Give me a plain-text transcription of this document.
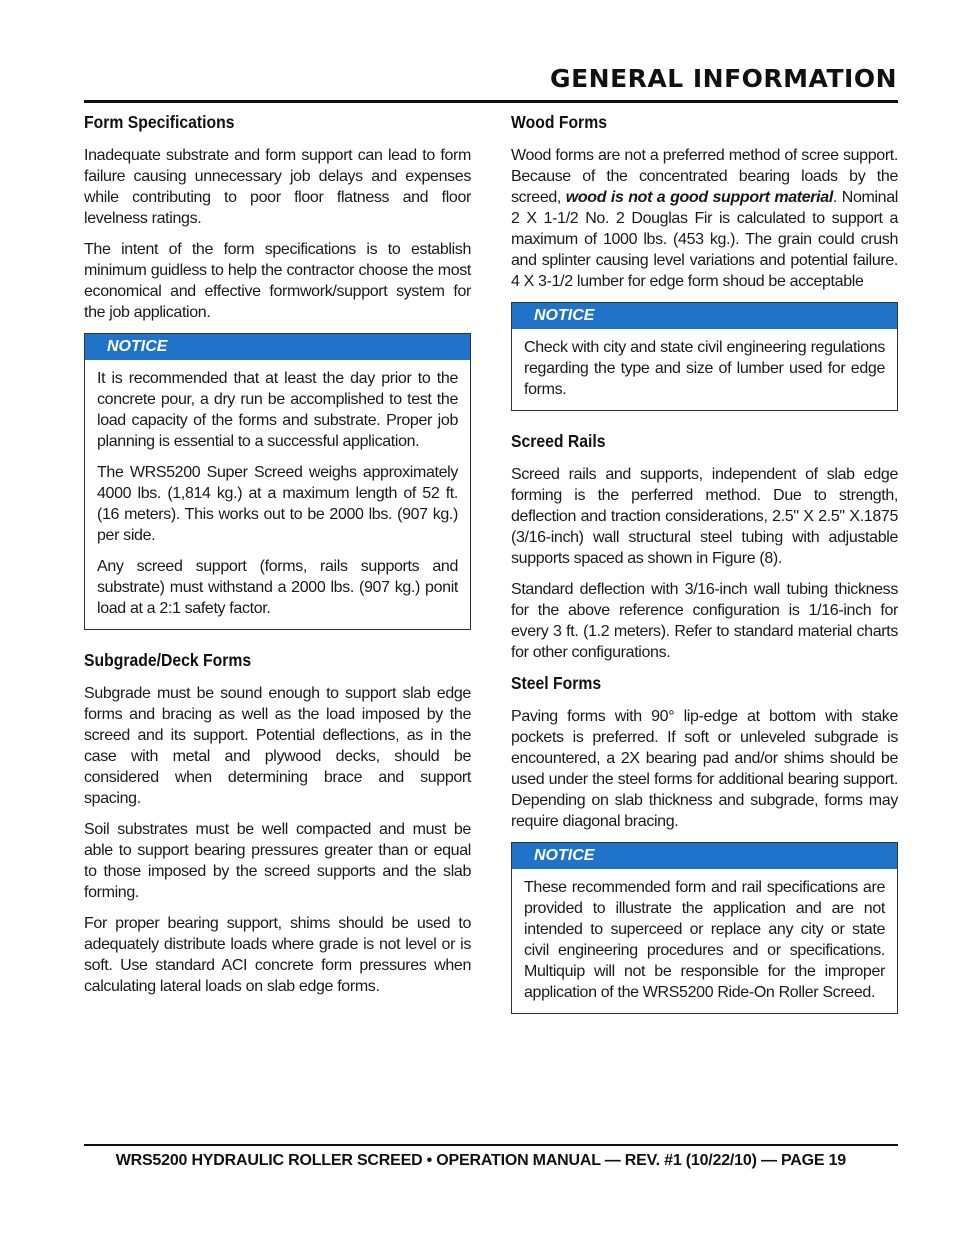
GENERAL INFORMATION
Form Specifications

Inadequate substrate and form support can lead to form failure causing unnecessary job delays and expenses while contributing to poor floor flatness and floor levelness ratings.

The intent of the form specifications is to establish minimum guidless to help the contractor choose the most economical and effective formwork/support system for the job application.

NOTICE

It is recommended that at least the day prior to the concrete pour, a dry run be accomplished to test the load capacity of the forms and substrate. Proper job planning is essential to a successful application.

The WRS5200 Super Screed weighs approximately 4000 lbs. (1,814 kg.) at a maximum length of 52 ft. (16 meters). This works out to be 2000 lbs. (907 kg.) per side.

Any screed support (forms, rails supports and substrate) must withstand a 2000 lbs. (907 kg.) ponit load at a 2:1 safety factor.

Subgrade/Deck Forms

Subgrade must be sound enough to support slab edge forms and bracing as well as the load imposed by the screed and its support. Potential deflections, as in the case with metal and plywood decks, should be considered when determining brace and support spacing.

Soil substrates must be well compacted and must be able to support bearing pressures greater than or equal to those imposed by the screed supports and the slab forming.

For proper bearing support, shims should be used to adequately distribute loads where grade is not level or is soft. Use standard ACI concrete form pressures when calculating lateral loads on slab edge forms.

Wood Forms

Wood forms are not a preferred method of scree support. Because of the concentrated bearing loads by the screed, wood is not a good support material. Nominal 2 X 1-1/2 No. 2 Douglas Fir is calculated to support a maximum of 1000 lbs. (453 kg.). The grain could crush and splinter causing level variations and potential failure. 4 X 3-1/2 lumber for edge form shoud be acceptable

NOTICE

Check with city and state civil engineering regulations regarding the type and size of lumber used for edge forms.

Screed Rails

Screed rails and supports, independent of slab edge forming is the perferred method. Due to strength, deflection and traction considerations, 2.5" X 2.5" X.1875 (3/16-inch) wall structural steel tubing with adjustable supports spaced as shown in Figure (8).

Standard deflection with 3/16-inch wall tubing thickness for the above reference configuration is 1/16-inch for every 3 ft. (1.2 meters). Refer to standard material charts for other configurations.

Steel Forms

Paving forms with 90° lip-edge at bottom with stake pockets is preferred. If soft or unleveled subgrade is encountered, a 2X bearing pad and/or shims should be used under the steel forms for additional bearing support. Depending on slab thickness and subgrade, forms may require diagonal bracing.

NOTICE

These recommended form and rail specifications are provided to illustrate the application and are not intended to superceed or replace any city or state civil engineering procedures and or specifications. Multiquip will not be responsible for the improper application of the WRS5200 Ride-On Roller Screed.

WRS5200 HYDRAULIC ROLLER SCREED • OPERATION MANUAL — REV. #1 (10/22/10) — PAGE 19
